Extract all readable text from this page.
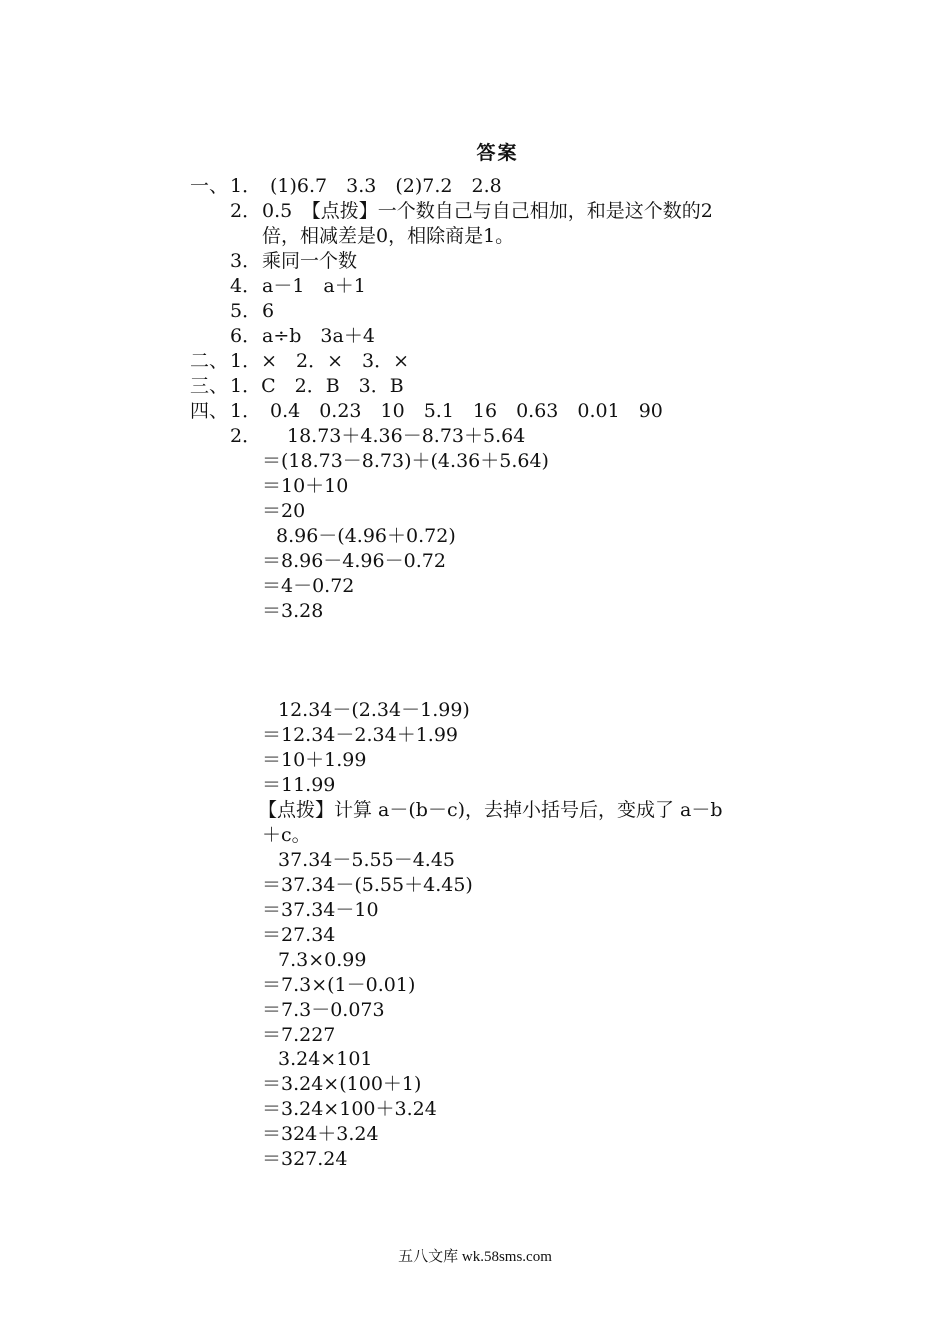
答案
一、 1． (1)6.7　3.3　(2)7.2　2.8
2． 0.5　【点拨】一个数自己与自己相加，和是这个数的2
倍，相减差是0，相除商是1。
3． 乘同一个数
4． a－1　a＋1
5． 6
6． a÷b　3a＋4
二、 1．×　2．×　3．×
三、 1．C　2．B　3．B
四、 1． 0.4　0.23　10　5.1　16　0.63　0.01　90
2． 18.73＋4.36－8.73＋5.64
＝(18.73－8.73)＋(4.36＋5.64)
＝10＋10
＝20
8.96－(4.96＋0.72)
＝8.96－4.96－0.72
＝4－0.72
＝3.28
12.34－(2.34－1.99)
＝12.34－2.34＋1.99
＝10＋1.99
＝11.99
【点拨】计算 a－(b－c)，去掉小括号后，变成了 a－b
＋c。
37.34－5.55－4.45
＝37.34－(5.55＋4.45)
＝37.34－10
＝27.34
7.3×0.99
＝7.3×(1－0.01)
＝7.3－0.073
＝7.227
3.24×101
＝3.24×(100＋1)
＝3.24×100＋3.24
＝324＋3.24
＝327.24
五八文库 wk.58sms.com
